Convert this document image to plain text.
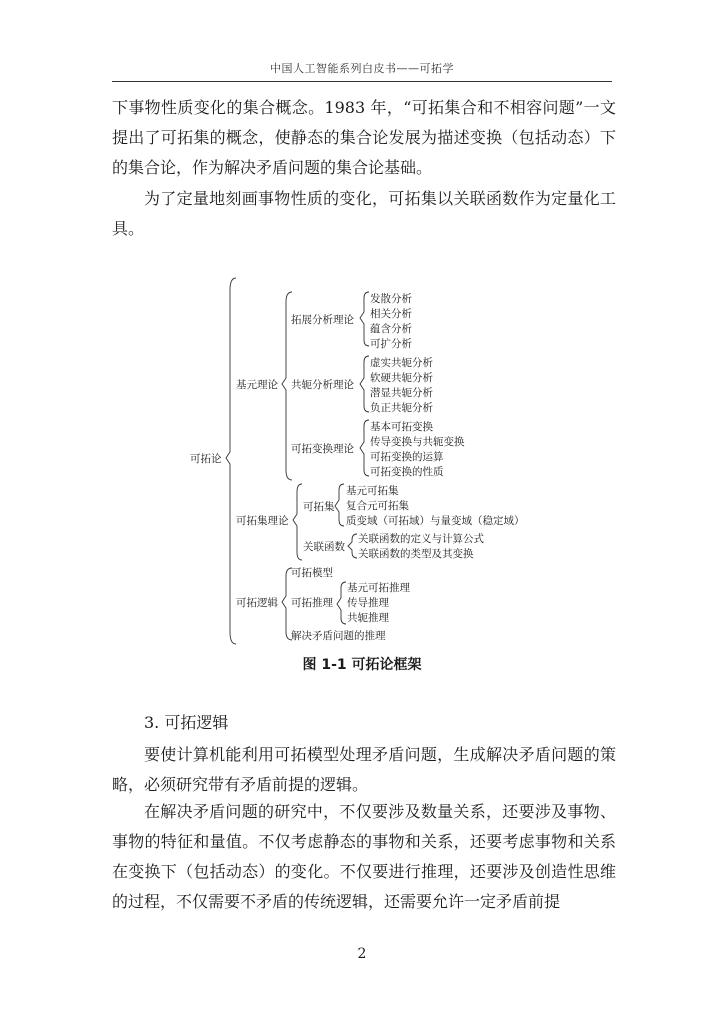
中国人工智能系列白皮书——可拓学

下事物性质变化的集合概念。1983 年，“可拓集合和不相容问题”一文提出了可拓集的概念，使静态的集合论发展为描述变换（包括动态）下的集合论，作为解决矛盾问题的集合论基础。

为了定量地刻画事物性质的变化，可拓集以关联函数作为定量化工具。

可拓论
基元理论
可拓集理论
可拓逻辑
拓展分析理论
发散分析
相关分析
蕴含分析
可扩分析
共轭分析理论
虚实共轭分析
软硬共轭分析
潜显共轭分析
负正共轭分析
可拓变换理论
基本可拓变换
传导变换与共轭变换
可拓变换的运算
可拓变换的性质
可拓集
基元可拓集
复合元可拓集
质变域（可拓域）与量变域（稳定域）
关联函数
关联函数的定义与计算公式
关联函数的类型及其变换
可拓模型
可拓推理
基元可拓推理
传导推理
共轭推理
解决矛盾问题的推理
图 1-1 可拓论框架
3. 可拓逻辑

要使计算机能利用可拓模型处理矛盾问题，生成解决矛盾问题的策略，必须研究带有矛盾前提的逻辑。

在解决矛盾问题的研究中，不仅要涉及数量关系，还要涉及事物、事物的特征和量值。不仅考虑静态的事物和关系，还要考虑事物和关系在变换下（包括动态）的变化。不仅要进行推理，还要涉及创造性思维的过程，不仅需要不矛盾的传统逻辑，还需要允许一定矛盾前提

2
